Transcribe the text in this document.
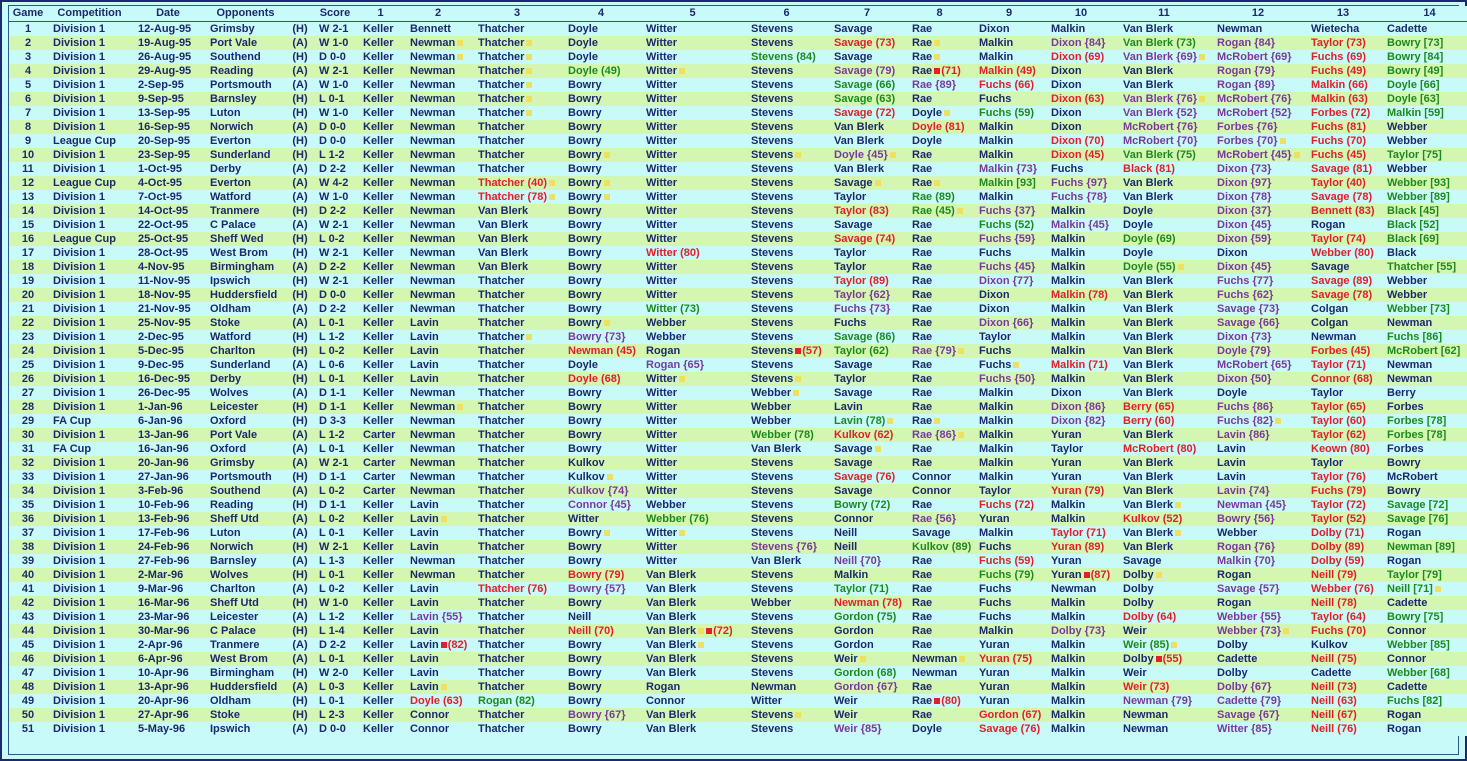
Game	Competition	Date	Opponents		Score	1	2	3	4	5	6	7	8	9	10	11	12	13	14
1	Division 1	12-Aug-95	Grimsby	(H)	W 2-1	Keller	Bennett	Thatcher	Doyle	Witter	Stevens	Savage	Rae	Dixon	Malkin	Van Blerk	Newman	Wietecha	Cadette
2	Division 1	19-Aug-95	Port Vale	(A)	W 1-0	Keller	Newman	Thatcher	Doyle	Witter	Stevens	Savage (73)	Rae	Malkin	Dixon {84}	Van Blerk (73)	Rogan {84}	Taylor (73)	Bowry [73]
3	Division 1	26-Aug-95	Southend	(H)	D 0-0	Keller	Newman	Thatcher	Doyle	Witter	Stevens (84)	Savage	Rae	Malkin	Dixon (69)	Van Blerk {69}	McRobert {69}	Fuchs (69)	Bowry [84]
4	Division 1	29-Aug-95	Reading	(A)	W 2-1	Keller	Newman	Thatcher	Doyle (49)	Witter	Stevens	Savage (79)	Rae (71)	Malkin (49)	Dixon	Van Blerk	Rogan {79}	Fuchs (49)	Bowry [49]
5	Division 1	2-Sep-95	Portsmouth	(A)	W 1-0	Keller	Newman	Thatcher	Bowry	Witter	Stevens	Savage (66)	Rae {89}	Fuchs (66)	Dixon	Van Blerk	Rogan {89}	Malkin (66)	Doyle [66]
6	Division 1	9-Sep-95	Barnsley	(H)	L 0-1	Keller	Newman	Thatcher	Bowry	Witter	Stevens	Savage (63)	Rae	Fuchs	Dixon (63)	Van Blerk {76}	McRobert {76}	Malkin (63)	Doyle [63]
7	Division 1	13-Sep-95	Luton	(H)	W 1-0	Keller	Newman	Thatcher	Bowry	Witter	Stevens	Savage (72)	Doyle	Fuchs (59)	Dixon	Van Blerk {52}	McRobert {52}	Forbes (72)	Malkin [59]
8	Division 1	16-Sep-95	Norwich	(A)	D 0-0	Keller	Newman	Thatcher	Bowry	Witter	Stevens	Van Blerk	Doyle (81)	Malkin	Dixon	McRobert {76}	Forbes {76}	Fuchs (81)	Webber
9	League Cup	20-Sep-95	Everton	(H)	D 0-0	Keller	Newman	Thatcher	Bowry	Witter	Stevens	Van Blerk	Doyle	Malkin	Dixon (70)	McRobert {70}	Forbes {70}	Fuchs (70)	Webber
10	Division 1	23-Sep-95	Sunderland	(H)	L 1-2	Keller	Newman	Thatcher	Bowry	Witter	Stevens	Doyle {45}	Rae	Malkin	Dixon (45)	Van Blerk (75)	McRobert {45}	Fuchs (45)	Taylor [75]
11	Division 1	1-Oct-95	Derby	(A)	D 2-2	Keller	Newman	Thatcher	Bowry	Witter	Stevens	Van Blerk	Rae	Malkin {73}	Fuchs	Black (81)	Dixon {73}	Savage (81)	Webber
12	League Cup	4-Oct-95	Everton	(A)	W 4-2	Keller	Newman	Thatcher (40)	Bowry	Witter	Stevens	Savage	Rae	Malkin [93]	Fuchs {97}	Van Blerk	Dixon {97}	Taylor (40)	Webber [93]
13	Division 1	7-Oct-95	Watford	(A)	W 1-0	Keller	Newman	Thatcher (78)	Bowry	Witter	Stevens	Taylor	Rae (89)	Malkin	Fuchs {78}	Van Blerk	Dixon {78}	Savage (78)	Webber [89]
14	Division 1	14-Oct-95	Tranmere	(H)	D 2-2	Keller	Newman	Van Blerk	Bowry	Witter	Stevens	Taylor (83)	Rae (45)	Fuchs {37}	Malkin	Doyle	Dixon {37}	Bennett (83)	Black [45]
15	Division 1	22-Oct-95	C Palace	(A)	W 2-1	Keller	Newman	Van Blerk	Bowry	Witter	Stevens	Savage	Rae	Fuchs (52)	Malkin {45}	Doyle	Dixon {45}	Rogan	Black [52]
16	League Cup	25-Oct-95	Sheff Wed	(H)	L 0-2	Keller	Newman	Van Blerk	Bowry	Witter	Stevens	Savage (74)	Rae	Fuchs {59}	Malkin	Doyle (69)	Dixon {59}	Taylor (74)	Black [69]
17	Division 1	28-Oct-95	West Brom	(H)	W 2-1	Keller	Newman	Van Blerk	Bowry	Witter (80)	Stevens	Taylor	Rae	Fuchs	Malkin	Doyle	Dixon	Webber (80)	Black
18	Division 1	4-Nov-95	Birmingham	(A)	D 2-2	Keller	Newman	Van Blerk	Bowry	Witter	Stevens	Taylor	Rae	Fuchs {45}	Malkin	Doyle (55)	Dixon {45}	Savage	Thatcher [55]
19	Division 1	11-Nov-95	Ipswich	(H)	W 2-1	Keller	Newman	Thatcher	Bowry	Witter	Stevens	Taylor (89)	Rae	Dixon {77}	Malkin	Van Blerk	Fuchs {77}	Savage (89)	Webber
20	Division 1	18-Nov-95	Huddersfield	(H)	D 0-0	Keller	Newman	Thatcher	Bowry	Witter	Stevens	Taylor {62}	Rae	Dixon	Malkin (78)	Van Blerk	Fuchs {62}	Savage (78)	Webber
21	Division 1	21-Nov-95	Oldham	(A)	D 2-2	Keller	Newman	Thatcher	Bowry	Witter (73)	Stevens	Fuchs {73}	Rae	Dixon	Malkin	Van Blerk	Savage {73}	Colgan	Webber [73]
22	Division 1	25-Nov-95	Stoke	(A)	L 0-1	Keller	Lavin	Thatcher	Bowry	Webber	Stevens	Fuchs	Rae	Dixon {66}	Malkin	Van Blerk	Savage {66}	Colgan	Newman
23	Division 1	2-Dec-95	Watford	(H)	L 1-2	Keller	Lavin	Thatcher	Bowry {73}	Webber	Stevens	Savage (86)	Rae	Taylor	Malkin	Van Blerk	Dixon {73}	Newman	Fuchs [86]
24	Division 1	5-Dec-95	Charlton	(H)	L 0-2	Keller	Lavin	Thatcher	Newman (45)	Rogan	Stevens (57)	Taylor (62)	Rae {79}	Fuchs	Malkin	Van Blerk	Doyle {79}	Forbes (45)	McRobert [62]
25	Division 1	9-Dec-95	Sunderland	(A)	L 0-6	Keller	Lavin	Thatcher	Doyle	Rogan {65}	Stevens	Savage	Rae	Fuchs	Malkin (71)	Van Blerk	McRobert {65}	Taylor (71)	Newman
26	Division 1	16-Dec-95	Derby	(H)	L 0-1	Keller	Lavin	Thatcher	Doyle (68)	Witter	Stevens	Taylor	Rae	Fuchs {50}	Malkin	Van Blerk	Dixon {50}	Connor (68)	Newman
27	Division 1	26-Dec-95	Wolves	(A)	D 1-1	Keller	Newman	Thatcher	Bowry	Witter	Webber	Savage	Rae	Malkin	Dixon	Van Blerk	Doyle	Taylor	Berry
28	Division 1	1-Jan-96	Leicester	(H)	D 1-1	Keller	Newman	Thatcher	Bowry	Witter	Webber	Lavin	Rae	Malkin	Dixon {86}	Berry (65)	Fuchs {86}	Taylor (65)	Forbes
29	FA Cup	6-Jan-96	Oxford	(H)	D 3-3	Keller	Newman	Thatcher	Bowry	Witter	Webber	Lavin (78)	Rae	Malkin	Dixon {82}	Berry (60)	Fuchs {82}	Taylor (60)	Forbes [78]
30	Division 1	13-Jan-96	Port Vale	(A)	L 1-2	Carter	Newman	Thatcher	Bowry	Witter	Webber (78)	Kulkov (62)	Rae {86}	Malkin	Yuran	Van Blerk	Lavin {86}	Taylor (62)	Forbes [78]
31	FA Cup	16-Jan-96	Oxford	(A)	L 0-1	Keller	Newman	Thatcher	Bowry	Witter	Van Blerk	Savage	Rae	Malkin	Taylor	McRobert (80)	Lavin	Keown (80)	Forbes
32	Division 1	20-Jan-96	Grimsby	(A)	W 2-1	Carter	Newman	Thatcher	Kulkov	Witter	Stevens	Savage	Rae	Malkin	Yuran	Van Blerk	Lavin	Taylor	Bowry
33	Division 1	27-Jan-96	Portsmouth	(H)	D 1-1	Carter	Newman	Thatcher	Kulkov	Witter	Stevens	Savage (76)	Connor	Malkin	Yuran	Van Blerk	Lavin	Taylor (76)	McRobert
34	Division 1	3-Feb-96	Southend	(A)	L 0-2	Carter	Newman	Thatcher	Kulkov {74}	Witter	Stevens	Savage	Connor	Taylor	Yuran (79)	Van Blerk	Lavin {74}	Fuchs (79)	Bowry
35	Division 1	10-Feb-96	Reading	(H)	D 1-1	Keller	Lavin	Thatcher	Connor {45}	Webber	Stevens	Bowry (72)	Rae	Fuchs (72)	Malkin	Van Blerk	Newman {45}	Taylor (72)	Savage [72]
36	Division 1	13-Feb-96	Sheff Utd	(A)	L 0-2	Keller	Lavin	Thatcher	Witter	Webber (76)	Stevens	Connor	Rae {56}	Yuran	Malkin	Kulkov (52)	Bowry {56}	Taylor (52)	Savage [76]
37	Division 1	17-Feb-96	Luton	(A)	L 0-1	Keller	Lavin	Thatcher	Bowry	Witter	Stevens	Neill	Savage	Malkin	Taylor (71)	Van Blerk	Webber	Dolby (71)	Rogan
38	Division 1	24-Feb-96	Norwich	(H)	W 2-1	Keller	Lavin	Thatcher	Bowry	Witter	Stevens {76}	Neill	Kulkov (89)	Fuchs	Yuran (89)	Van Blerk	Rogan {76}	Dolby (89)	Newman [89]
39	Division 1	27-Feb-96	Barnsley	(A)	L 1-3	Keller	Newman	Thatcher	Bowry	Witter	Van Blerk	Neill {70}	Rae	Fuchs (59)	Yuran	Savage	Malkin {70}	Dolby (59)	Rogan
40	Division 1	2-Mar-96	Wolves	(H)	L 0-1	Keller	Newman	Thatcher	Bowry (79)	Van Blerk	Stevens	Malkin	Rae	Fuchs (79)	Yuran (87)	Dolby	Rogan	Neill (79)	Taylor [79]
41	Division 1	9-Mar-96	Charlton	(A)	L 0-2	Keller	Lavin	Thatcher (76)	Bowry {57}	Van Blerk	Stevens	Taylor (71)	Rae	Fuchs	Newman	Dolby	Savage {57}	Webber (76)	Neill [71]
42	Division 1	16-Mar-96	Sheff Utd	(H)	W 1-0	Keller	Lavin	Thatcher	Bowry	Van Blerk	Webber	Newman (78)	Rae	Fuchs	Malkin	Dolby	Rogan	Neill (78)	Cadette
43	Division 1	23-Mar-96	Leicester	(A)	L 1-2	Keller	Lavin {55}	Thatcher	Neill	Van Blerk	Stevens	Gordon (75)	Rae	Fuchs	Malkin	Dolby (64)	Webber {55}	Taylor (64)	Bowry [75]
44	Division 1	30-Mar-96	C Palace	(H)	L 1-4	Keller	Lavin	Thatcher	Neill (70)	Van Blerk (72)	Stevens	Gordon	Rae	Malkin	Dolby {73}	Weir	Webber {73}	Fuchs (70)	Connor
45	Division 1	2-Apr-96	Tranmere	(A)	D 2-2	Keller	Lavin (82)	Thatcher	Bowry	Van Blerk	Stevens	Gordon	Rae	Yuran	Malkin	Weir (85)	Dolby	Kulkov	Webber [85]
46	Division 1	6-Apr-96	West Brom	(A)	L 0-1	Keller	Lavin	Thatcher	Bowry	Van Blerk	Stevens	Weir	Newman	Yuran (75)	Malkin	Dolby (55)	Cadette	Neill (75)	Connor
47	Division 1	10-Apr-96	Birmingham	(H)	W 2-0	Keller	Lavin	Thatcher	Bowry	Van Blerk	Stevens	Gordon (68)	Newman	Yuran	Malkin	Weir	Dolby	Cadette	Webber [68]
48	Division 1	13-Apr-96	Huddersfield	(A)	L 0-3	Keller	Lavin	Thatcher	Bowry	Rogan	Newman	Gordon {67}	Rae	Yuran	Malkin	Weir (73)	Dolby {67}	Neill (73)	Cadette
49	Division 1	20-Apr-96	Oldham	(H)	L 0-1	Keller	Doyle (63)	Rogan (82)	Bowry	Connor	Witter	Weir	Rae (80)	Yuran	Malkin	Newman {79}	Cadette {79}	Neill (63)	Fuchs [82]
50	Division 1	27-Apr-96	Stoke	(H)	L 2-3	Keller	Connor	Thatcher	Bowry {67}	Van Blerk	Stevens	Weir	Rae	Gordon (67)	Malkin	Newman	Savage {67}	Neill (67)	Rogan
51	Division 1	5-May-96	Ipswich	(A)	D 0-0	Keller	Connor	Thatcher	Bowry	Van Blerk	Stevens	Weir {85}	Doyle	Savage (76)	Malkin	Newman	Witter {85}	Neill (76)	Rogan
